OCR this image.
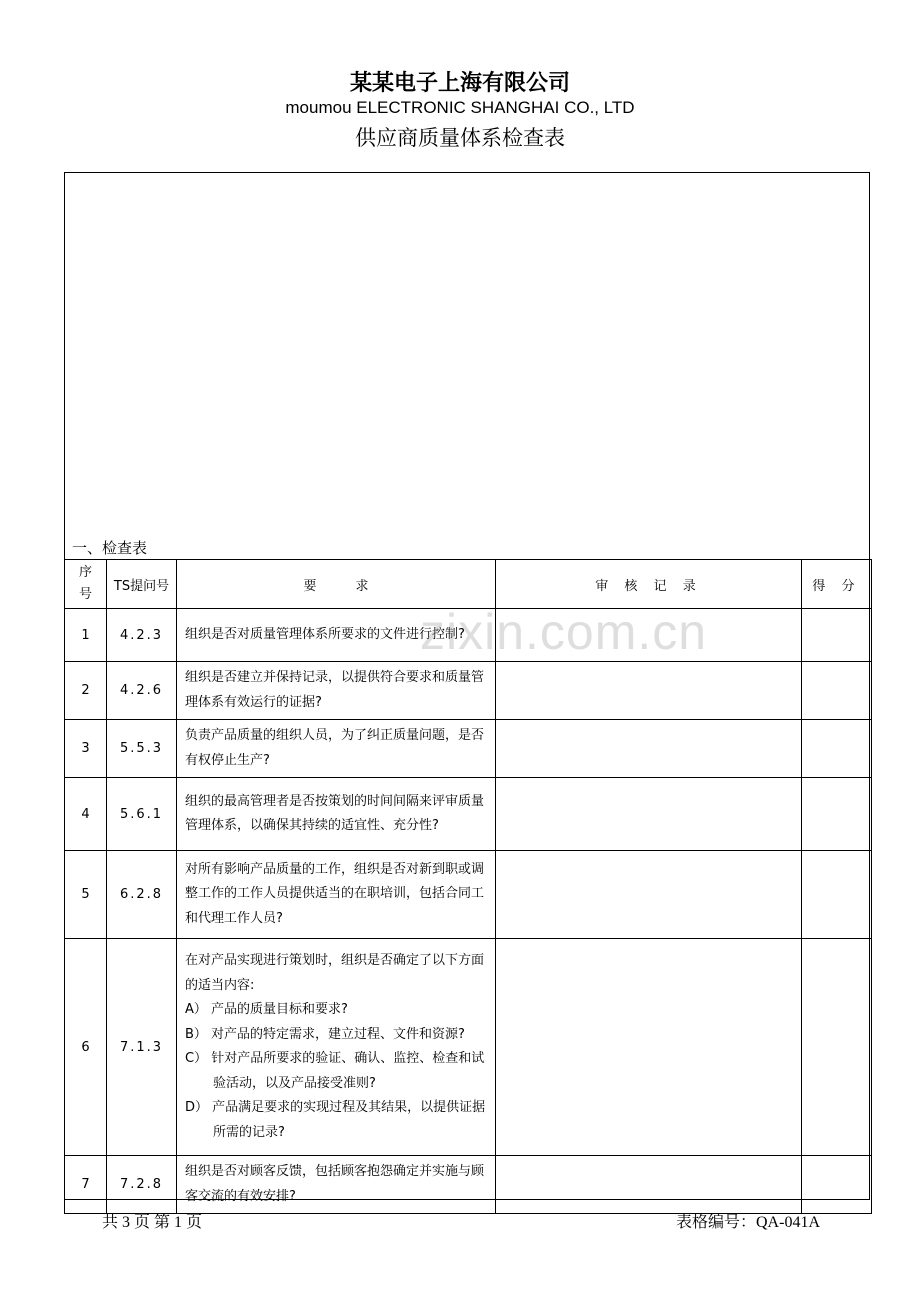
某某电子上海有限公司
moumou ELECTRONIC SHANGHAI CO., LTD
供应商质量体系检查表
一、检查表
序号	TS提问号	要　　　求	审 核 记 录	得 分
1	4.2.3	组织是否对质量管理体系所要求的文件进行控制?		

2	4.2.6	组织是否建立并保持记录，以提供符合要求和质量管理体系有效运行的证据?		

3	5.5.3	负责产品质量的组织人员，为了纠正质量问题，是否有权停止生产?		

4	5.6.1	组织的最高管理者是否按策划的时间间隔来评审质量管理体系，以确保其持续的适宜性、充分性?		

5	6.2.8	对所有影响产品质量的工作，组织是否对新到职或调整工作的工作人员提供适当的在职培训，包括合同工和代理工作人员?		

6	7.1.3	在对产品实现进行策划时，组织是否确定了以下方面的适当内容:
A） 产品的质量目标和要求?
B） 对产品的特定需求，建立过程、文件和资源?
C） 针对产品所要求的验证、确认、监控、检查和试验活动，以及产品接受准则?
D） 产品满足要求的实现过程及其结果，以提供证据所需的记录?		

7	7.2.8	组织是否对顾客反馈，包括顾客抱怨确定并实施与顾客交流的有效安排?		

zixin.com.cn
共 3 页 第 1 页	表格编号：QA-041A
